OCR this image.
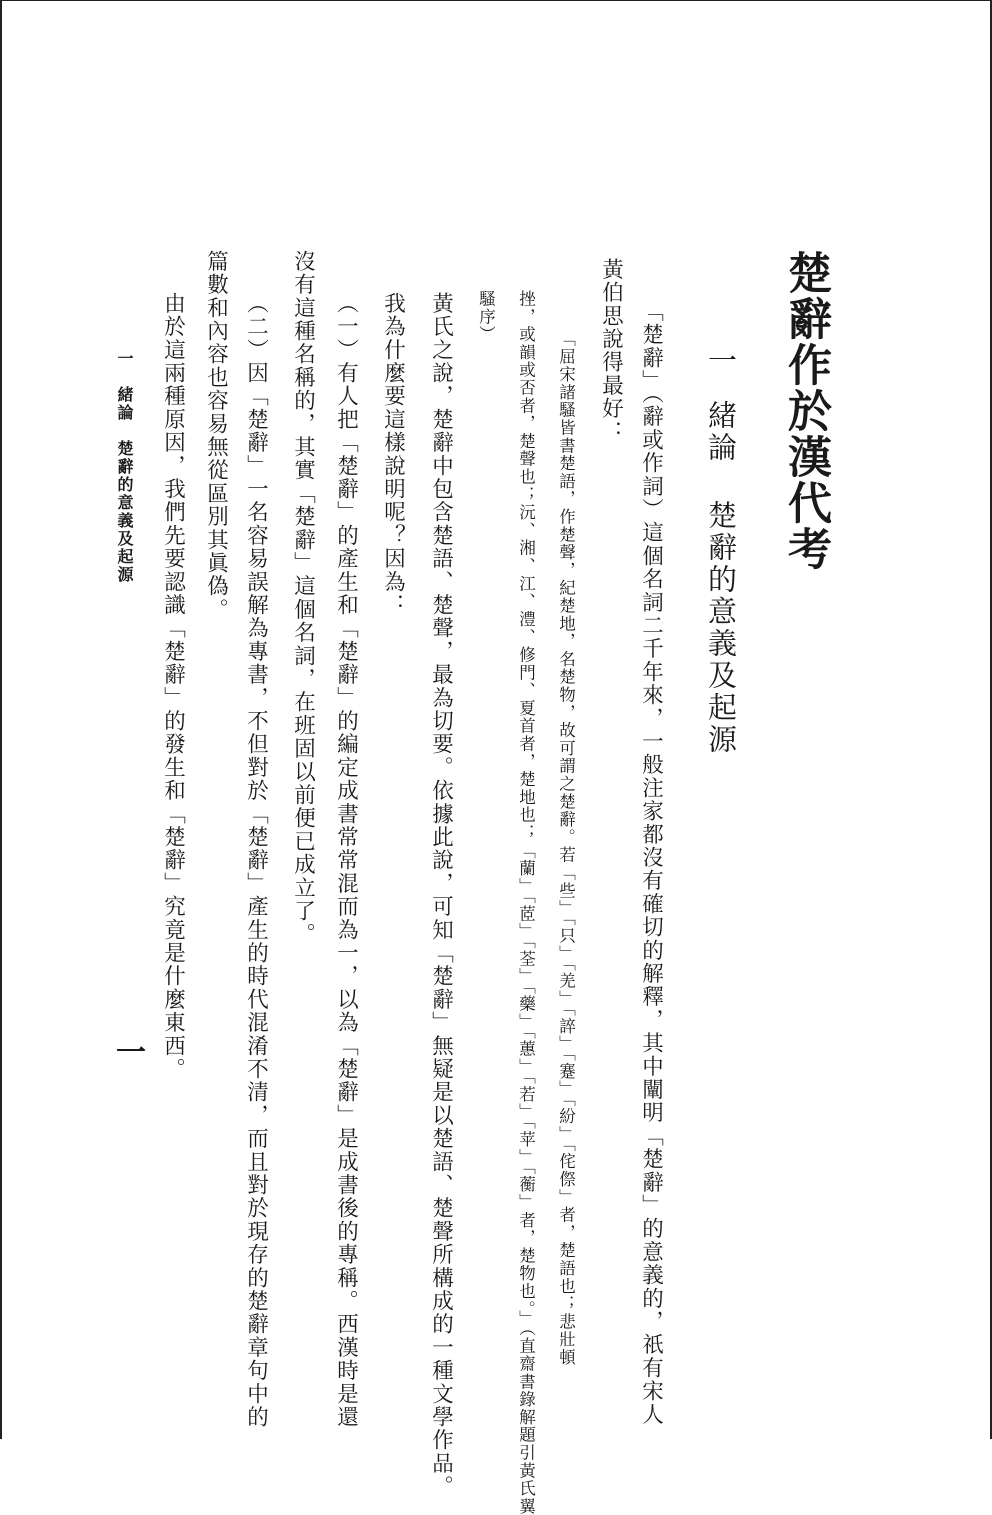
楚辭作於漢代考
一
緒論
楚辭的意義及起源
「楚辭」（辭或作詞）這個名詞二千年來，一般注家都沒有確切的解釋，其中闡明「楚辭」的意義的，祇有宋人
黃伯思說得最好：
「屈宋諸騷皆書楚語，作楚聲，紀楚地，名楚物，故可謂之楚辭。若「些」「只」「羌」「誶」「蹇」「紛」「侘傺」者，楚語也；悲壯頓
挫，或韻或否者，楚聲也；沅、湘、江、澧、修門、夏首者，楚地也；「蘭」「茝」「荃」「藥」「蕙」「若」「苹」「蘅」者，楚物也。」（直齋書錄解題引黃氏翼
騷序）
黃氏之說，楚辭中包含楚語、楚聲，最為切要。依據此說，可知「楚辭」無疑是以楚語、楚聲所構成的一種文學作品。
我為什麼要這樣說明呢？因為：
（一）有人把「楚辭」的產生和「楚辭」的編定成書常常混而為一，以為「楚辭」是成書後的專稱。西漢時是還
沒有這種名稱的，其實「楚辭」這個名詞，在班固以前便已成立了。
（二）因「楚辭」一名容易誤解為專書，不但對於「楚辭」產生的時代混淆不清，而且對於現存的楚辭章句中的
篇數和內容也容易無從區別其眞偽。
由於這兩種原因，我們先要認識「楚辭」的發生和「楚辭」究竟是什麼東西。
一　緒論　楚辭的意義及起源
一
